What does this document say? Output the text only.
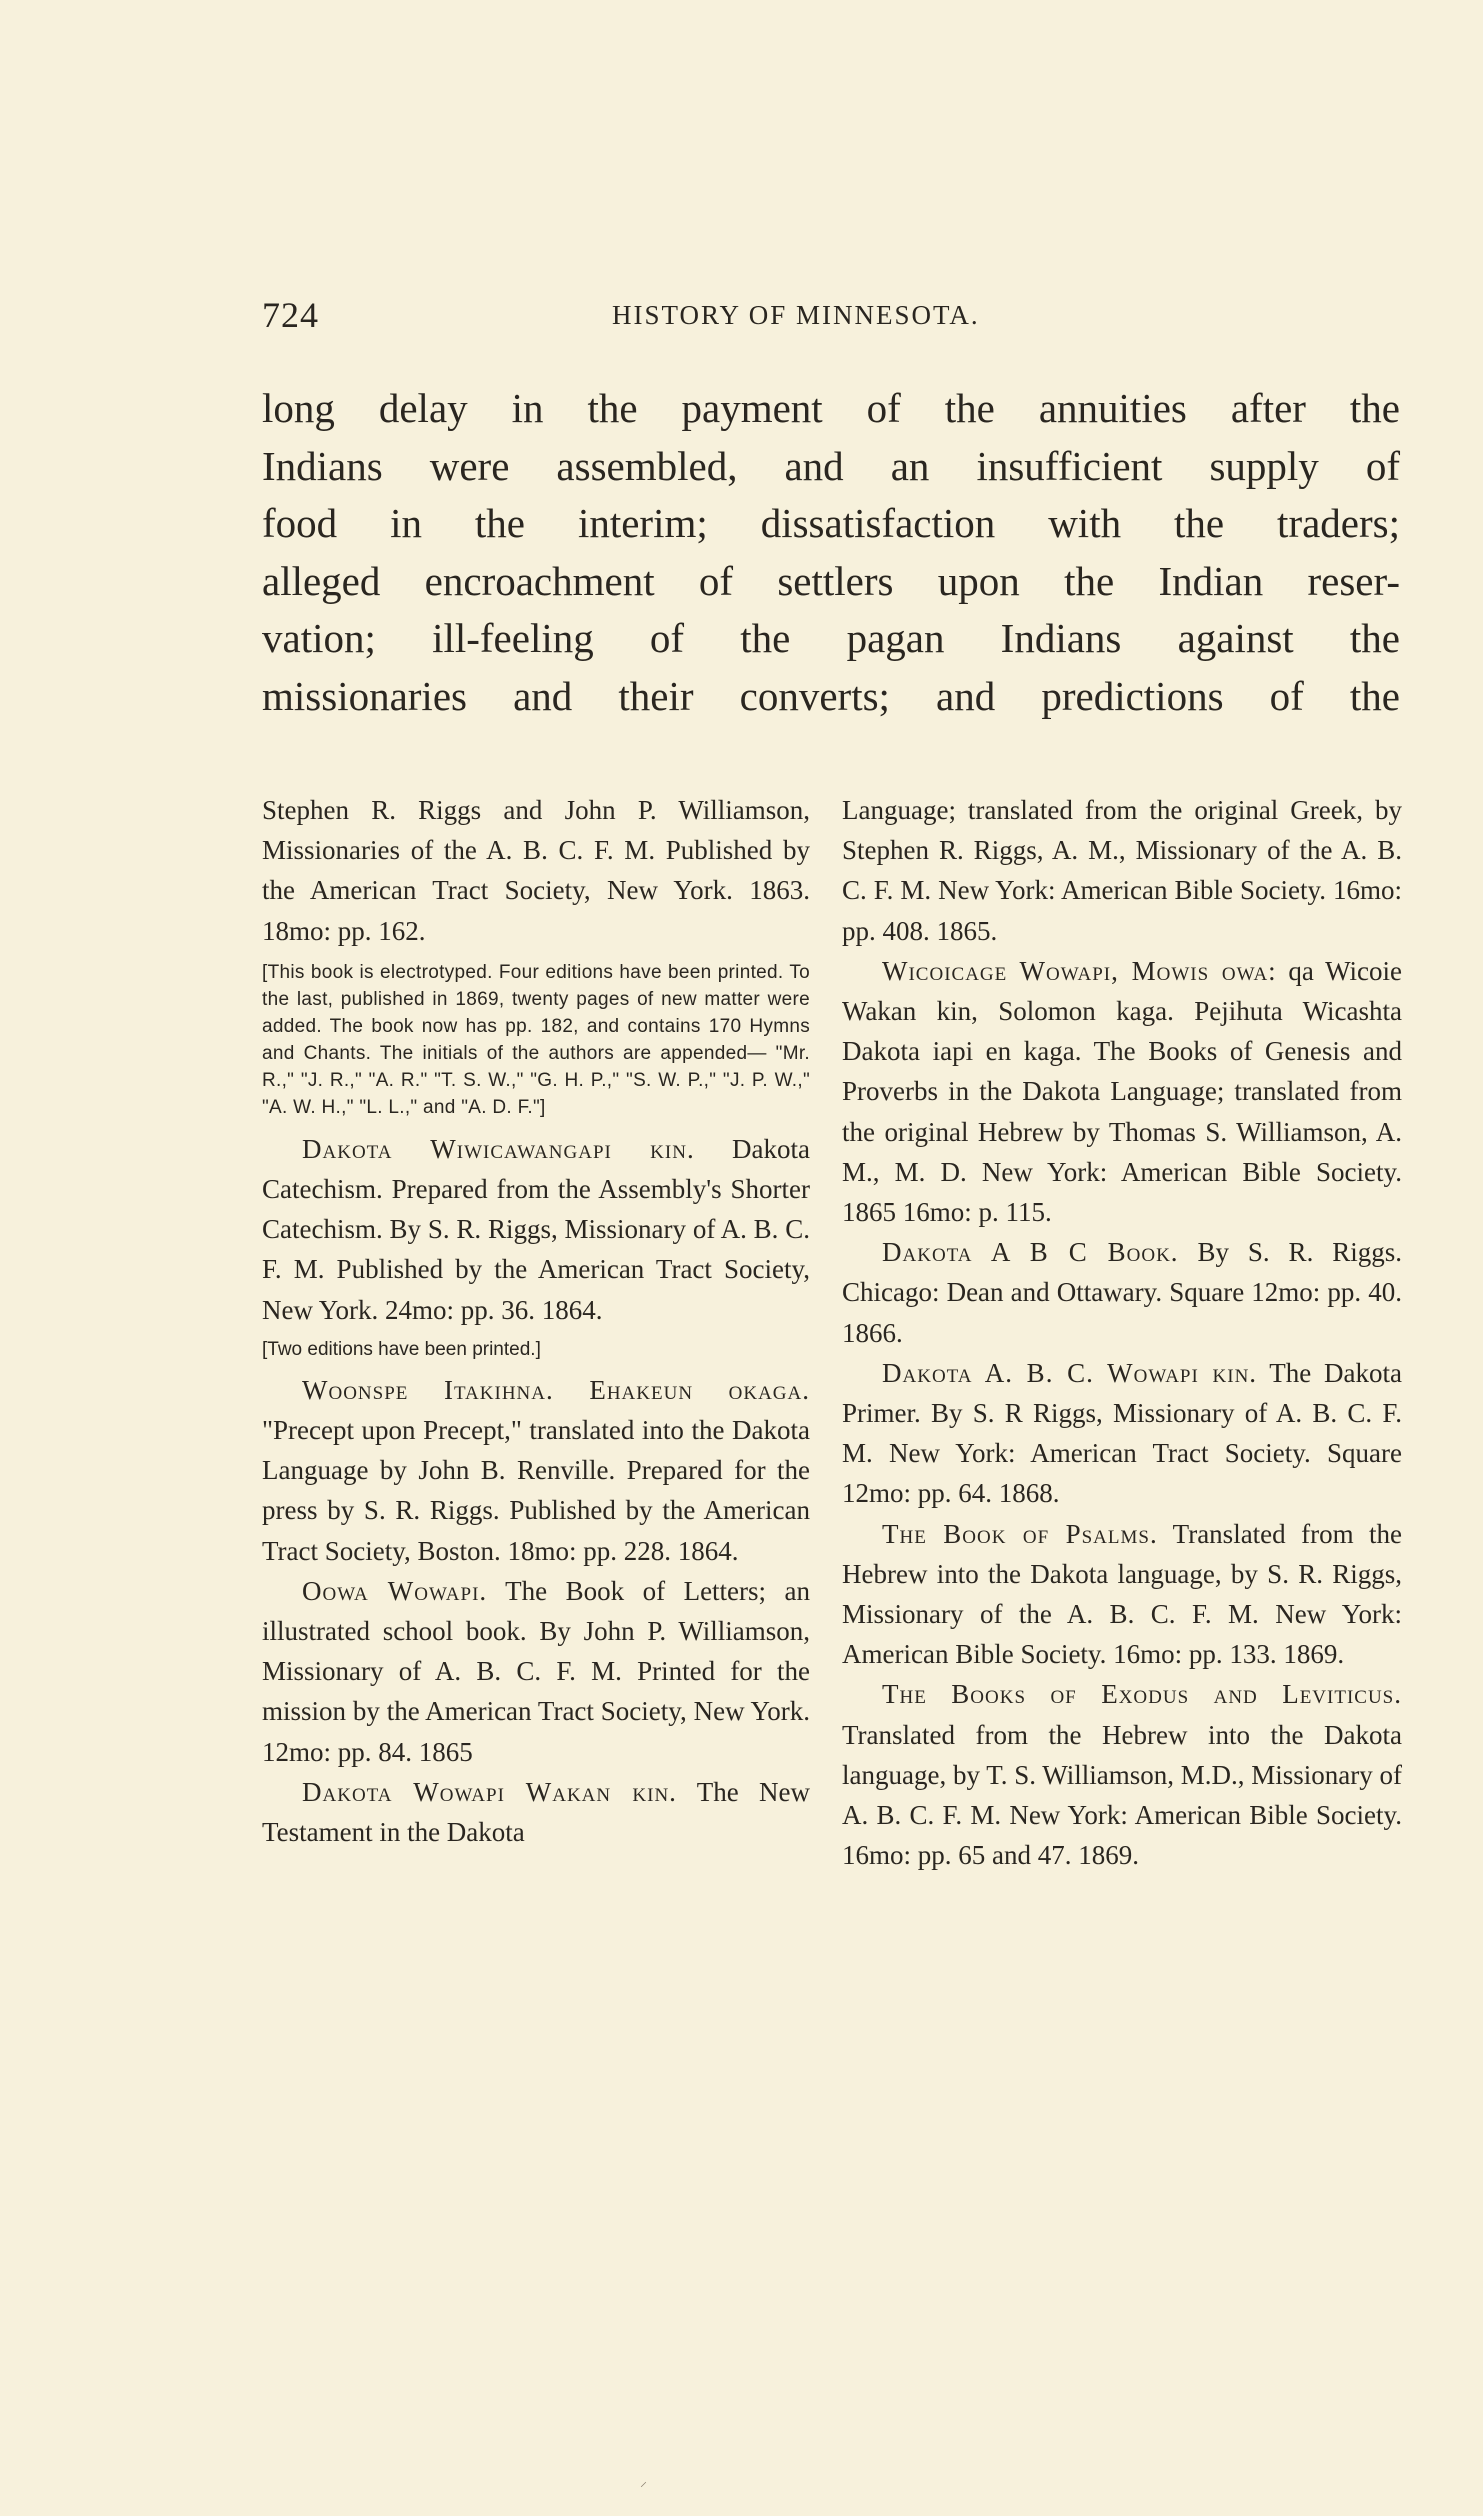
724	HISTORY OF MINNESOTA.
long delay in the payment of the annuities after the
Indians were assembled, and an insufficient supply of
food in the interim; dissatisfaction with the traders;
alleged encroachment of settlers upon the Indian reser-
vation; ill-feeling of the pagan Indians against the
missionaries and their converts; and predictions of the

Stephen R. Riggs and John P. Williamson, Missionaries of the A. B. C. F. M. Published by the American Tract Society, New York. 1863. 18mo: pp. 162.

[This book is electrotyped. Four editions have been printed. To the last, published in 1869, twenty pages of new matter were added. The book now has pp. 182, and contains 170 Hymns and Chants. The initials of the authors are appended— "Mr. R.," "J. R.," "A. R." "T. S. W.," "G. H. P.," "S. W. P.," "J. P. W.," "A. W. H.," "L. L.," and "A. D. F."]

Dakota Wiwicawangapi kin. Dakota Catechism. Prepared from the Assembly's Shorter Catechism. By S. R. Riggs, Missionary of A. B. C. F. M. Published by the American Tract Society, New York. 24mo: pp. 36. 1864.

[Two editions have been printed.]

Woonspe Itakihna. Ehakeun okaga. "Precept upon Precept," translated into the Dakota Language by John B. Renville. Prepared for the press by S. R. Riggs. Published by the American Tract Society, Boston. 18mo: pp. 228. 1864.

Oowa Wowapi. The Book of Letters; an illustrated school book. By John P. Williamson, Missionary of A. B. C. F. M. Printed for the mission by the American Tract Society, New York. 12mo: pp. 84. 1865

Dakota Wowapi Wakan kin. The New Testament in the Dakota

Language; translated from the original Greek, by Stephen R. Riggs, A. M., Missionary of the A. B. C. F. M. New York: American Bible Society. 16mo: pp. 408. 1865.

Wicoicage Wowapi, Mowis owa: qa Wicoie Wakan kin, Solomon kaga. Pejihuta Wicashta Dakota iapi en kaga. The Books of Genesis and Proverbs in the Dakota Language; translated from the original Hebrew by Thomas S. Williamson, A. M., M. D. New York: American Bible Society. 1865 16mo: p. 115.

Dakota A B C Book. By S. R. Riggs. Chicago: Dean and Ottawary. Square 12mo: pp. 40. 1866.

Dakota A. B. C. Wowapi kin. The Dakota Primer. By S. R Riggs, Missionary of A. B. C. F. M. New York: American Tract Society. Square 12mo: pp. 64. 1868.

The Book of Psalms. Translated from the Hebrew into the Dakota language, by S. R. Riggs, Missionary of the A. B. C. F. M. New York: American Bible Society. 16mo: pp. 133. 1869.

The Books of Exodus and Leviticus. Translated from the Hebrew into the Dakota language, by T. S. Williamson, M.D., Missionary of A. B. C. F. M. New York: American Bible Society. 16mo: pp. 65 and 47. 1869.

⸝
